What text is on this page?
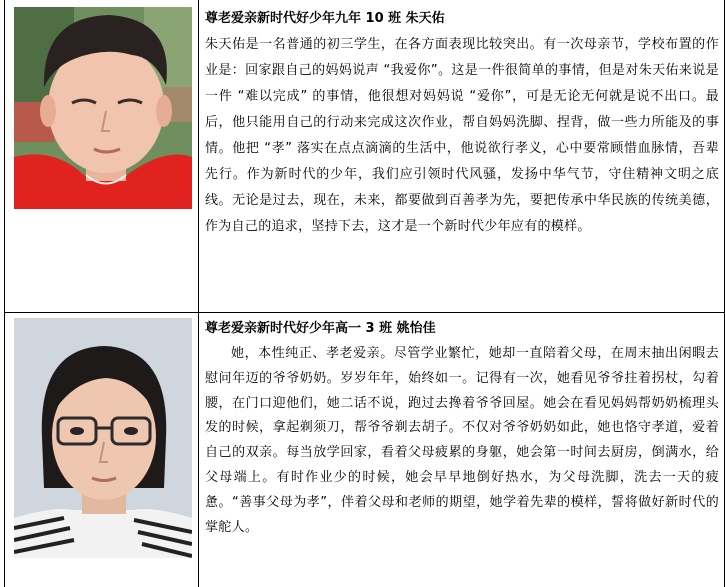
尊老爱亲新时代好少年九年 10 班 朱天佑

朱天佑是一名普通的初三学生，在各方面表现比较突出。有一次母亲节，学校布置的作业是：回家跟自己的妈妈说声 “我爱你”。这是一件很简单的事情，但是对朱天佑来说是一件 “难以完成” 的事情，他很想对妈妈说 “爱你”，可是无论无何就是说不出口。最后，他只能用自己的行动来完成这次作业，帮自妈妈洗脚、捏背，做一些力所能及的事情。他把 “孝” 落实在点点滴滴的生活中，他说欲行孝义，心中要常顾惜血脉情，吾辈先行。作为新时代的少年，我们应引领时代风骚，发扬中华气节，守住精神文明之底线。无论是过去，现在，未来，都要做到百善孝为先，要把传承中华民族的传统美德，作为自己的追求，坚持下去，这才是一个新时代少年应有的模样。

尊老爱亲新时代好少年高一 3 班 姚怡佳

她，本性纯正、孝老爱亲。尽管学业繁忙，她却一直陪着父母，在周末抽出闲暇去慰问年迈的爷爷奶奶。岁岁年年，始终如一。记得有一次，她看见爷爷拄着拐杖，勾着腰，在门口迎他们，她二话不说，跑过去搀着爷爷回屋。她会在看见妈妈帮奶奶梳理头发的时候，拿起剃须刀，帮爷爷剃去胡子。不仅对爷爷奶奶如此，她也恪守孝道，爱着自己的双亲。每当放学回家，看着父母疲累的身躯，她会第一时间去厨房，倒满水，给父母端上。有时作业少的时候，她会早早地倒好热水，为父母洗脚，洗去一天的疲惫。“善事父母为孝”，伴着父母和老师的期望，她学着先辈的模样，誓将做好新时代的掌舵人。
